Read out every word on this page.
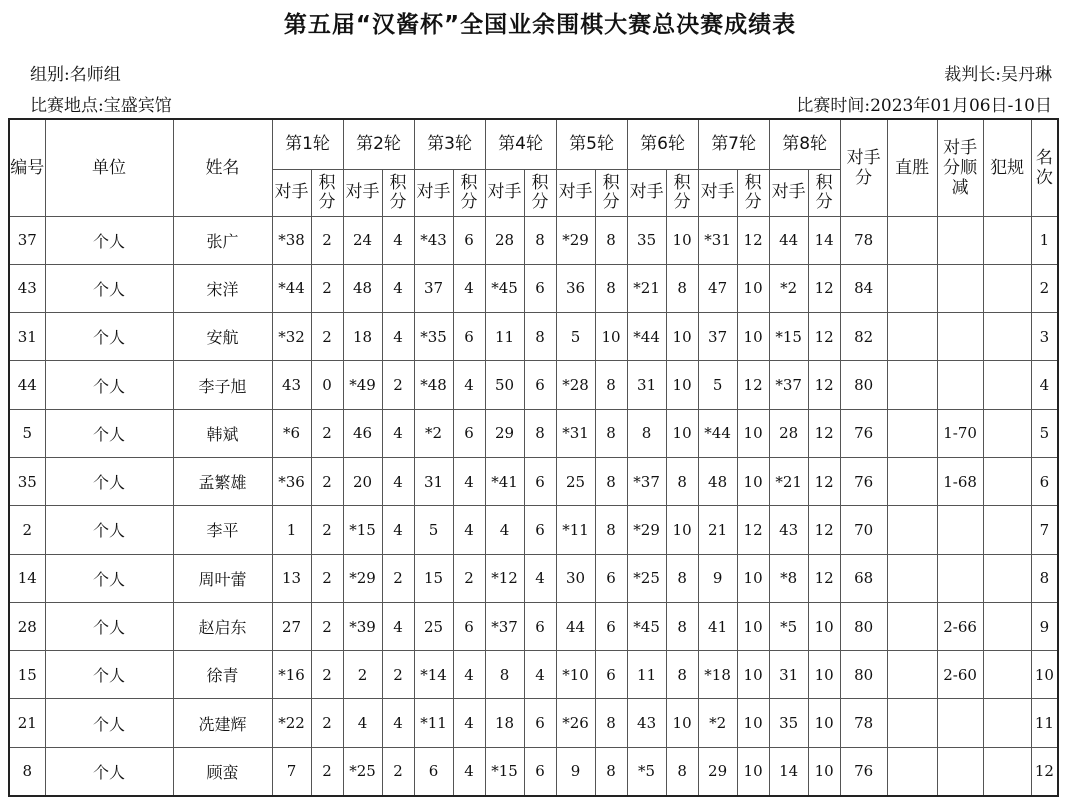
第五届“汉酱杯”全国业余围棋大赛总决赛成绩表
组别:名师组	裁判长:吴丹琳
比赛地点:宝盛宾馆	比赛时间:2023年01月06日-10日
编号	单位	姓名	第1轮		第2轮		第3轮		第4轮		第5轮		第6轮		第7轮		第8轮		对手分	直胜	对手分顺减	犯规	名次
			对手	积分	对手	积分	对手	积分	对手	积分	对手	积分	对手	积分	对手	积分	对手	积分					
37	个人	张广	*38	2	24	4	*43	6	28	8	*29	8	35	10	*31	12	44	14	78				1
43	个人	宋洋	*44	2	48	4	37	4	*45	6	36	8	*21	8	47	10	*2	12	84				2
31	个人	安航	*32	2	18	4	*35	6	11	8	5	10	*44	10	37	10	*15	12	82				3
44	个人	李子旭	43	0	*49	2	*48	4	50	6	*28	8	31	10	5	12	*37	12	80				4
5	个人	韩斌	*6	2	46	4	*2	6	29	8	*31	8	8	10	*44	10	28	12	76		1-70		5
35	个人	孟繁雄	*36	2	20	4	31	4	*41	6	25	8	*37	8	48	10	*21	12	76		1-68		6
2	个人	李平	1	2	*15	4	5	4	4	6	*11	8	*29	10	21	12	43	12	70				7
14	个人	周叶蕾	13	2	*29	2	15	2	*12	4	30	6	*25	8	9	10	*8	12	68				8
28	个人	赵启东	27	2	*39	4	25	6	*37	6	44	6	*45	8	41	10	*5	10	80		2-66		9
15	个人	徐青	*16	2	2	2	*14	4	8	4	*10	6	11	8	*18	10	31	10	80		2-60		10
21	个人	冼建辉	*22	2	4	4	*11	4	18	6	*26	8	43	10	*2	10	35	10	78				11
8	个人	顾蛮	7	2	*25	2	6	4	*15	6	9	8	*5	8	29	10	14	10	76				12
